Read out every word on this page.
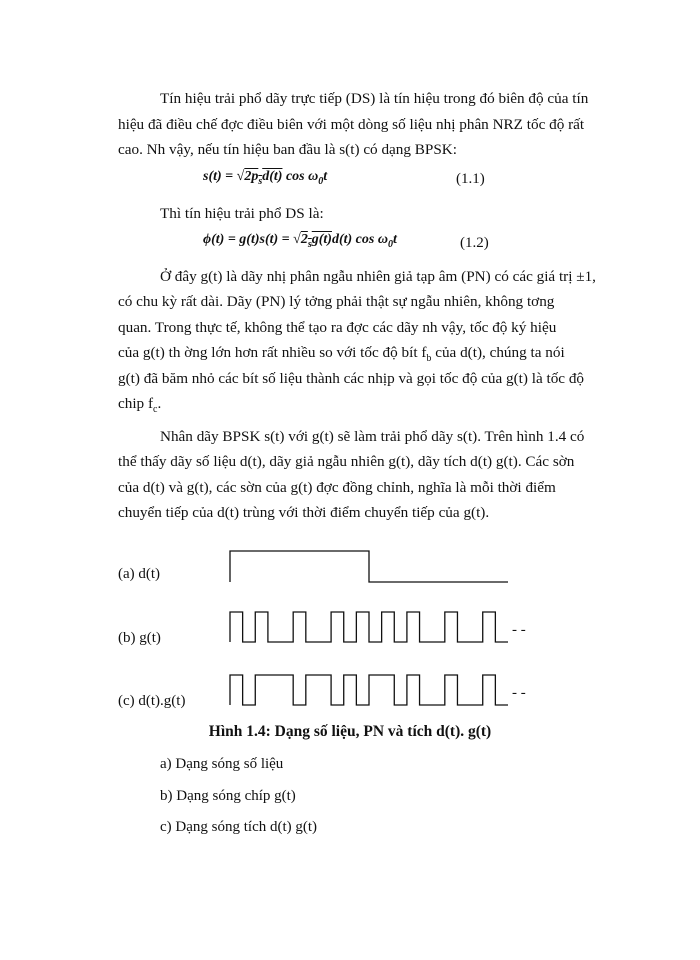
Tín hiệu trải phổ dãy trực tiếp (DS) là tín hiệu trong đó biên độ của tín
hiệu đã điều chế đợc điều biên với một dòng số liệu nhị phân NRZ tốc độ rất
cao. Nh vậy, nếu tín hiệu ban đầu là s(t) có dạng BPSK:
$s(t) = √2p_sd(t)$ $\cos \omega_0t$	(1.1)
Thì tín hiệu trải phổ DS là:
$\phi(t) = g(t)s(t) = √2_sg(t)d(t)$ $\cos \omega_0t$	(1.2)
Ở đây g(t) là dãy nhị phân ngẫu nhiên giả tạp âm (PN) có các giá trị ±1,
có chu kỳ rất dài. Dãy (PN) lý tởng phải thật sự ngẫu nhiên, không tơng
quan. Trong thực tế, không thể tạo ra đợc các dãy nh vậy, tốc độ ký hiệu
của g(t) th ờng lớn hơn rất nhiều so với tốc độ bít $f_b$ của d(t), chúng ta nói
g(t) đã băm nhỏ các bít số liệu thành các nhịp và gọi tốc độ của g(t) là tốc độ
chip $f_c$.
Nhân dãy BPSK s(t) với g(t) sẽ làm trải phổ dãy s(t). Trên hình 1.4 có
thể thấy dãy số liệu d(t), dãy giả ngẫu nhiên g(t), dãy tích d(t) g(t). Các sờn
của d(t) và g(t), các sờn của g(t) đợc đồng chỉnh, nghĩa là mỗi thời điểm
chuyển tiếp của d(t) trùng với thời điểm chuyển tiếp của g(t).
(a) d(t)
(b) g(t)
(c) d(t).g(t)
- -
- -
Hình 1.4: Dạng số liệu, PN và tích d(t). g(t)
a) Dạng sóng số liệu
b) Dạng sóng chíp g(t)
c) Dạng sóng tích d(t) g(t)
